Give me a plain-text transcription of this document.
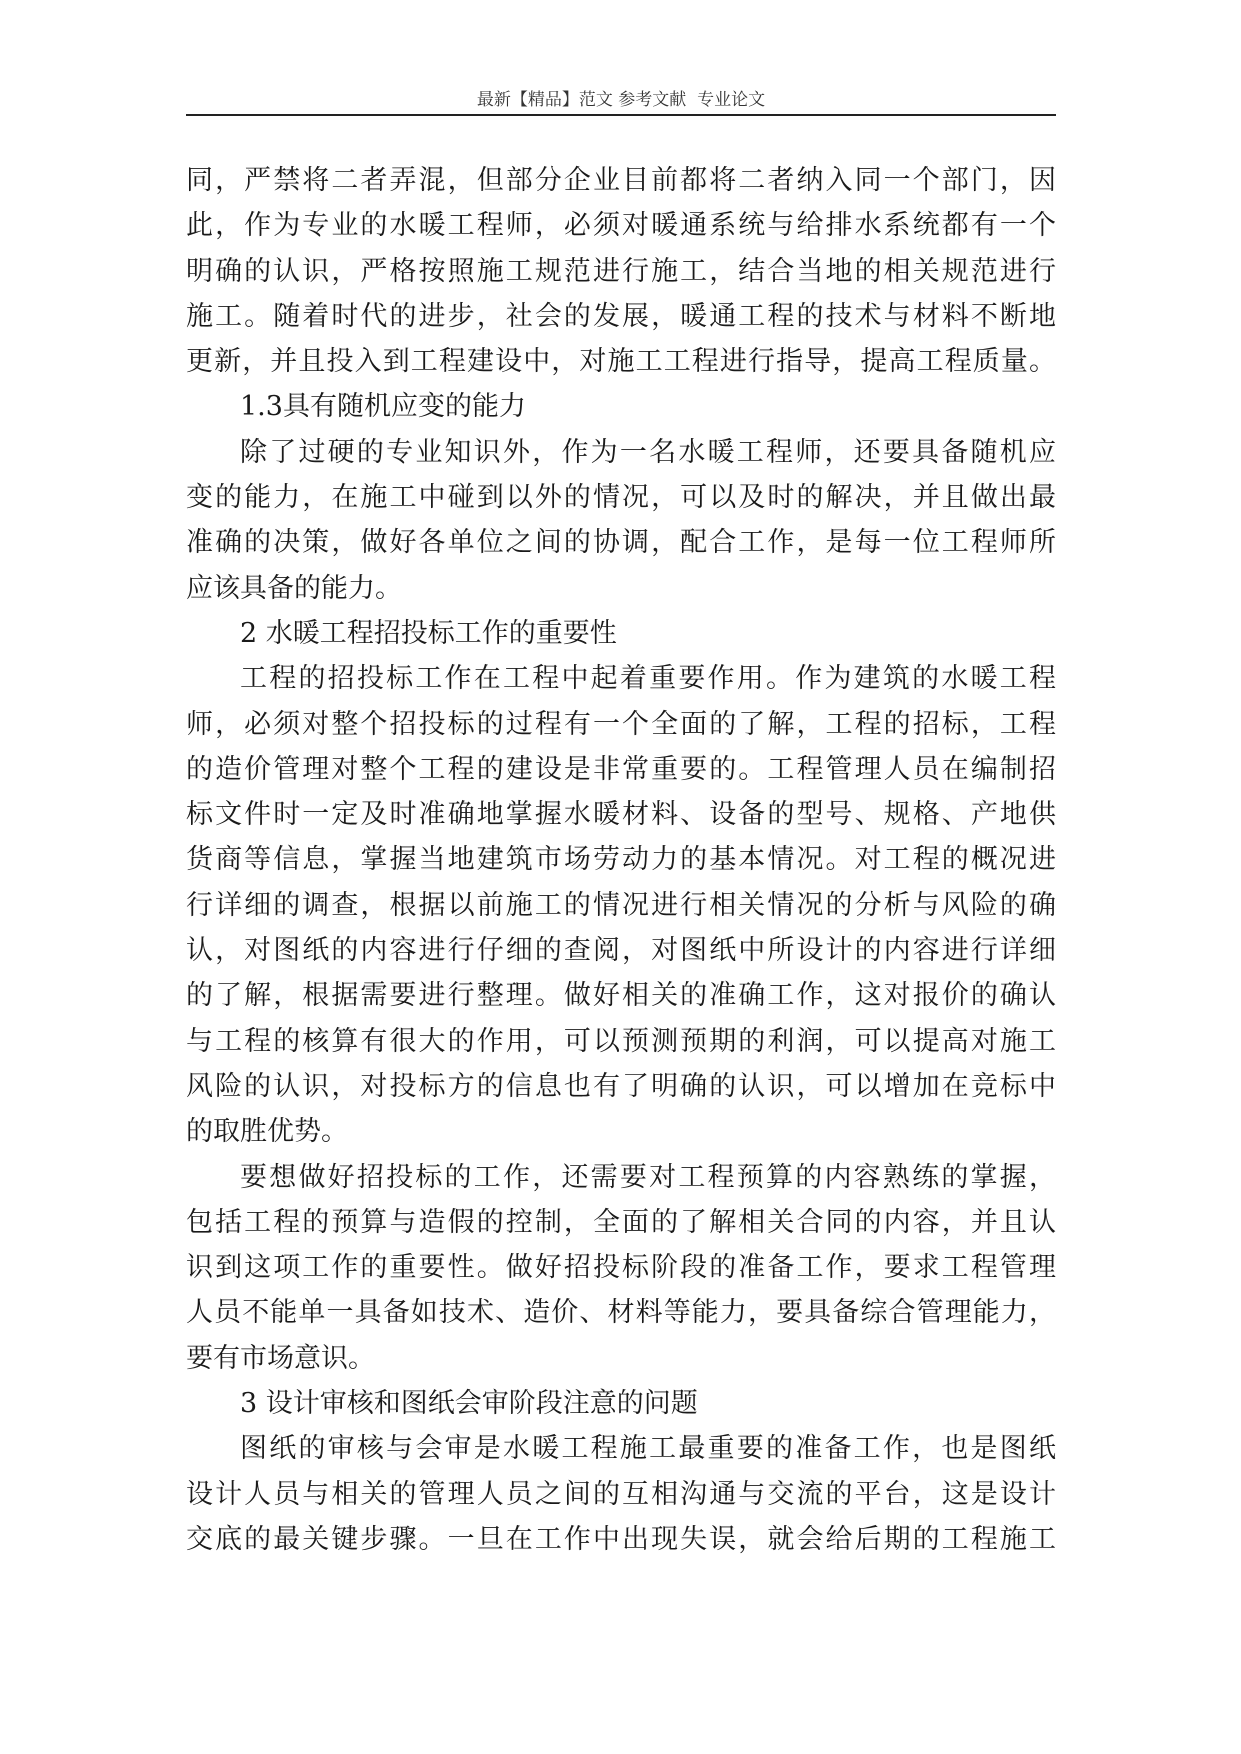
最新【精品】范文 参考文献  专业论文
同，严禁将二者弄混，但部分企业目前都将二者纳入同一个部门，因
此，作为专业的水暖工程师，必须对暖通系统与给排水系统都有一个
明确的认识，严格按照施工规范进行施工，结合当地的相关规范进行
施工。随着时代的进步，社会的发展，暖通工程的技术与材料不断地
更新，并且投入到工程建设中，对施工工程进行指导，提高工程质量。
1.3具有随机应变的能力
除了过硬的专业知识外，作为一名水暖工程师，还要具备随机应
变的能力，在施工中碰到以外的情况，可以及时的解决，并且做出最
准确的决策，做好各单位之间的协调，配合工作，是每一位工程师所
应该具备的能力。
2 水暖工程招投标工作的重要性
工程的招投标工作在工程中起着重要作用。作为建筑的水暖工程
师，必须对整个招投标的过程有一个全面的了解，工程的招标，工程
的造价管理对整个工程的建设是非常重要的。工程管理人员在编制招
标文件时一定及时准确地掌握水暖材料、设备的型号、规格、产地供
货商等信息，掌握当地建筑市场劳动力的基本情况。对工程的概况进
行详细的调查，根据以前施工的情况进行相关情况的分析与风险的确
认，对图纸的内容进行仔细的查阅，对图纸中所设计的内容进行详细
的了解，根据需要进行整理。做好相关的准确工作，这对报价的确认
与工程的核算有很大的作用，可以预测预期的利润，可以提高对施工
风险的认识，对投标方的信息也有了明确的认识，可以增加在竞标中
的取胜优势。
要想做好招投标的工作，还需要对工程预算的内容熟练的掌握，
包括工程的预算与造假的控制，全面的了解相关合同的内容，并且认
识到这项工作的重要性。做好招投标阶段的准备工作，要求工程管理
人员不能单一具备如技术、造价、材料等能力，要具备综合管理能力，
要有市场意识。
3 设计审核和图纸会审阶段注意的问题
图纸的审核与会审是水暖工程施工最重要的准备工作，也是图纸
设计人员与相关的管理人员之间的互相沟通与交流的平台，这是设计
交底的最关键步骤。一旦在工作中出现失误，就会给后期的工程施工
